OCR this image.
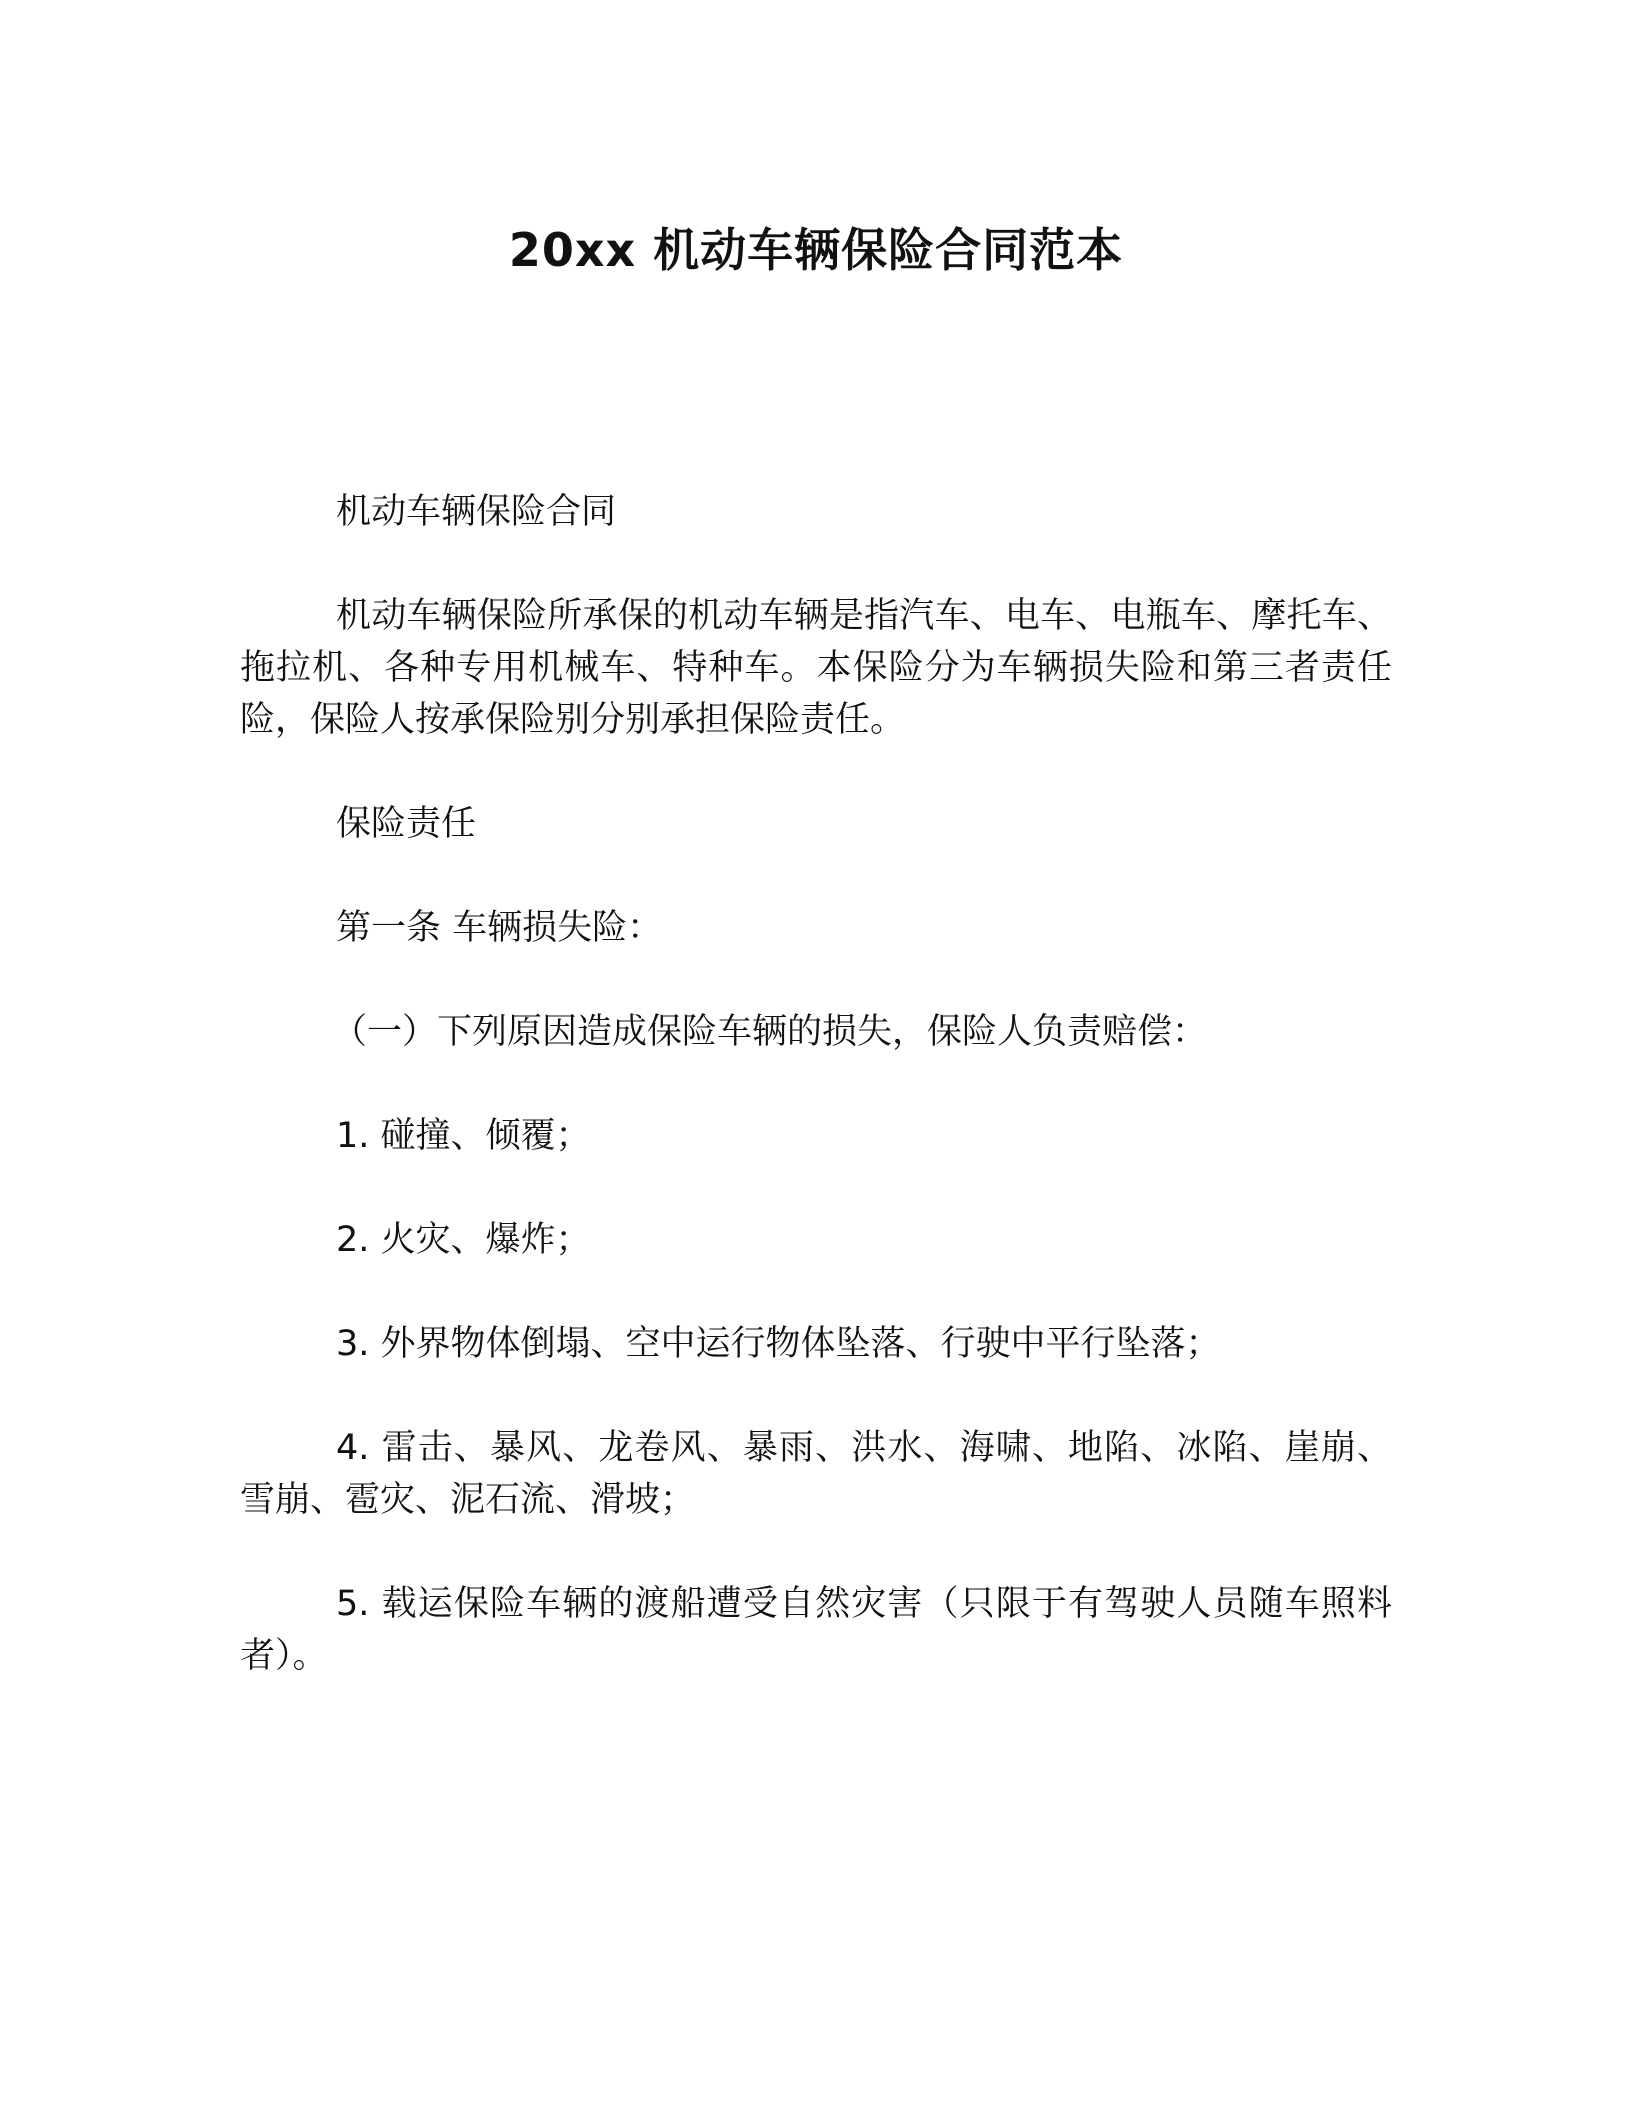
20xx 机动车辆保险合同范本

机动车辆保险合同

机动车辆保险所承保的机动车辆是指汽车、电车、电瓶车、摩托车、拖拉机、各种专用机械车、特种车。本保险分为车辆损失险和第三者责任险，保险人按承保险别分别承担保险责任。

保险责任

第一条 车辆损失险：

（一）下列原因造成保险车辆的损失，保险人负责赔偿：

1. 碰撞、倾覆；

2. 火灾、爆炸；

3. 外界物体倒塌、空中运行物体坠落、行驶中平行坠落；

4. 雷击、暴风、龙卷风、暴雨、洪水、海啸、地陷、冰陷、崖崩、雪崩、雹灾、泥石流、滑坡；

5. 载运保险车辆的渡船遭受自然灾害（只限于有驾驶人员随车照料者）。
